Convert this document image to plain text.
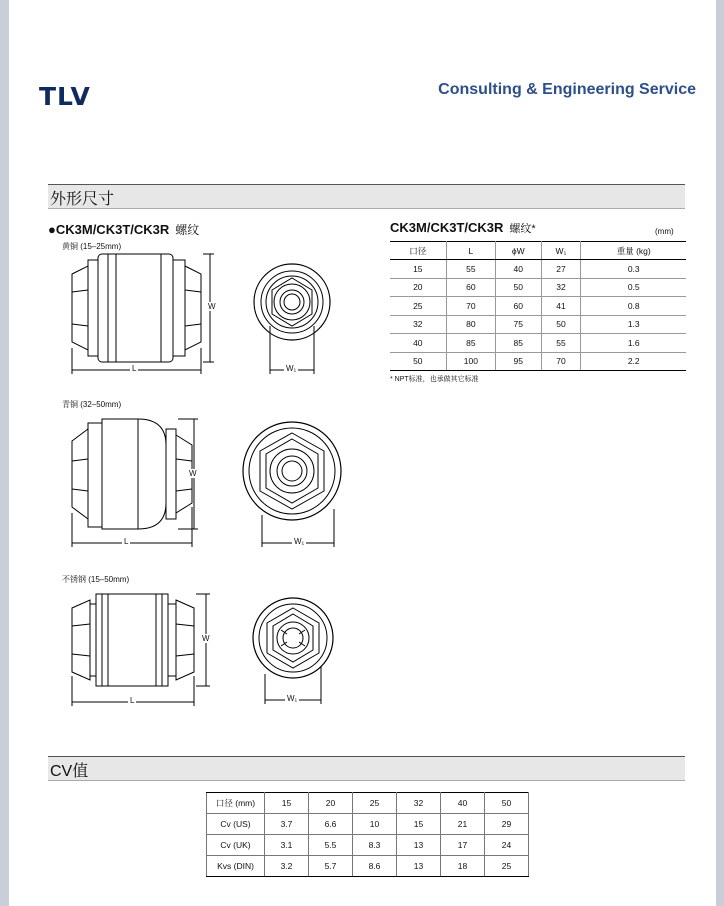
TLV	Consulting & Engineering Service
外形尺寸
●CK3M/CK3T/CK3R 螺纹
黄铜 (15–25mm)
W
L	W₁
青铜 (32–50mm)
W
L	W₁
不锈钢 (15–50mm)
W
L	W₁
CK3M/CK3T/CK3R 螺纹*	(mm)
口径	L	ϕW	W₁	重量 (kg)
15	55	40	27	0.3
20	60	50	32	0.5
25	70	60	41	0.8
32	80	75	50	1.3
40	85	85	55	1.6
50	100	95	70	2.2
* NPT标准，也承做其它标准
CV值
口径 (mm)	15	20	25	32	40	50
Cv (US)	3.7	6.6	10	15	21	29
Cv (UK)	3.1	5.5	8.3	13	17	24
Kvs (DIN)	3.2	5.7	8.6	13	18	25
